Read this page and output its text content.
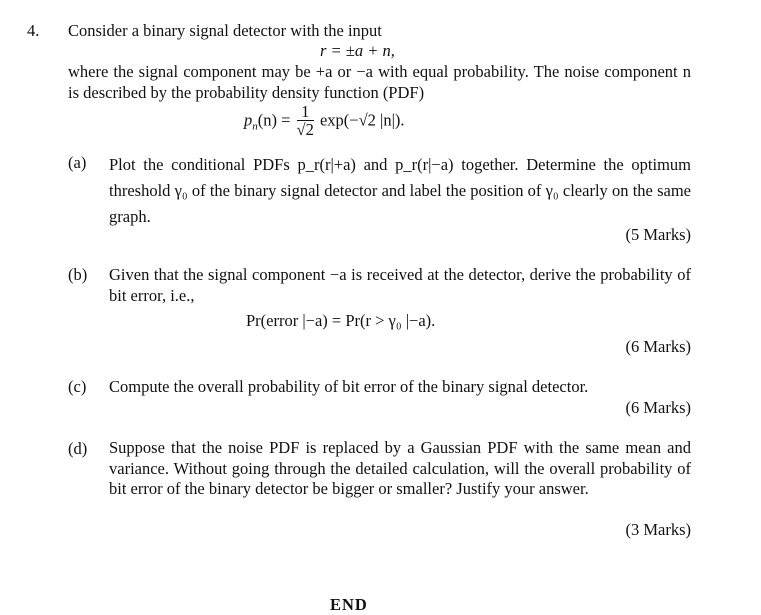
4. Consider a binary signal detector with the input
r = ±a + n,
where the signal component may be +a or −a with equal probability. The noise component n is described by the probability density function (PDF)
$p_n(n) = \frac{1}{√2} \exp(-√2$ |n|).
(a) Plot the conditional PDFs p_r(r|+a) and p_r(r|−a) together. Determine the optimum threshold γ₀ of the binary signal detector and label the position of γ₀ clearly on the same graph.
(5 Marks)
(b) Given that the signal component −a is received at the detector, derive the probability of bit error, i.e.,
Pr(error |−a) = Pr(r > γ₀ |−a).
(6 Marks)
(c) Compute the overall probability of bit error of the binary signal detector.
(6 Marks)
(d) Suppose that the noise PDF is replaced by a Gaussian PDF with the same mean and variance. Without going through the detailed calculation, will the overall probability of bit error of the binary detector be bigger or smaller? Justify your answer.
(3 Marks)
END
